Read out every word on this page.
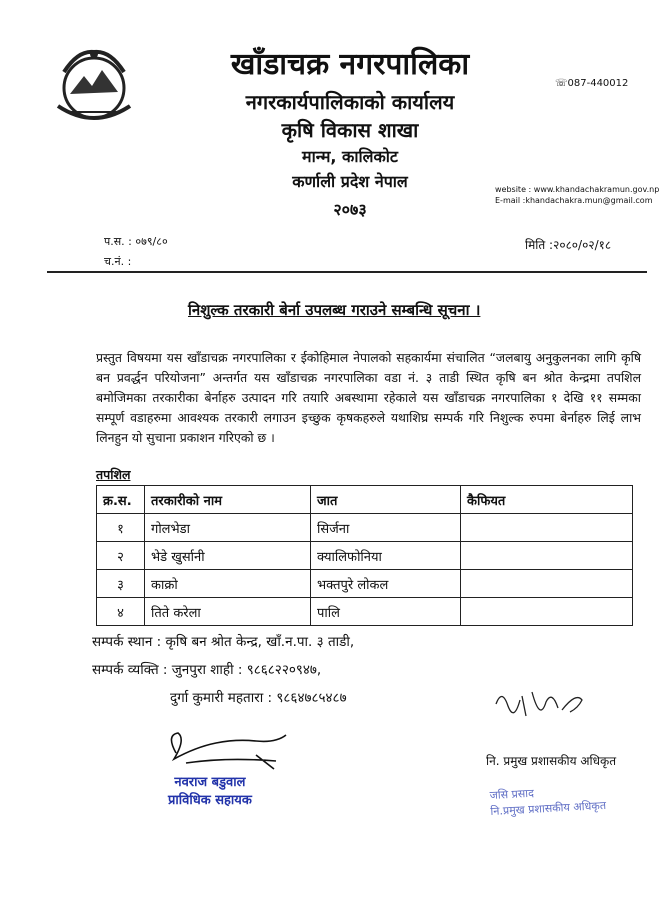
खाँडाचक्र नगरपालिका
नगरकार्यपालिकाको कार्यालय
कृषि विकास शाखा
मान्म, कालिकोट
कर्णाली प्रदेश नेपाल
२०७३
☏087-440012
website : www.khandachakramun.gov.np
E-mail :khandachakra.mun@gmail.com
प.स. : ०७९/८०
च.नं. :
मिति :२०८०/०२/१८
निशुल्क तरकारी बेर्ना उपलब्ध गराउने सम्बन्धि सूचना ।
प्रस्तुत विषयमा यस खाँडाचक्र नगरपालिका र ईकोहिमाल नेपालको सहकार्यमा संचालित “जलबायु अनुकुलनका लागि कृषि बन प्रवर्द्धन परियोजना” अन्तर्गत यस खाँडाचक्र नगरपालिका वडा नं. ३ ताडी स्थित कृषि बन श्रोत केन्द्रमा तपशिल बमोजिमका तरकारीका बेर्नाहरु उत्पादन गरि तयारि अबस्थामा रहेकाले यस खाँडाचक्र नगरपालिका १ देखि ११ सम्मका सम्पूर्ण वडाहरुमा आवश्यक तरकारी लगाउन इच्छुक कृषकहरुले यथाशिघ्र सम्पर्क गरि निशुल्क रुपमा बेर्नाहरु लिई लाभ लिनहुन यो सुचाना प्रकाशन गरिएको छ ।
तपशिल
क्र.स.	तरकारीको नाम	जात	कैफियत
१	गोलभेडा	सिर्जना	
२	भेडे खुर्सानी	क्यालिफोनिया	
३	काक्रो	भक्तपुरे लोकल	
४	तिते करेला	पालि	
सम्पर्क स्थान : कृषि बन श्रोत केन्द्र, खाँ.न.पा. ३ ताडी,
सम्पर्क व्यक्ति : जुनपुरा शाही : ९८६८२२०९४७,
दुर्गा कुमारी महतारा : ९८६४७८५४८७
नवराज बडुवाल
प्राविधिक सहायक
नि. प्रमुख प्रशासकीय अधिकृत
जसि प्रसाद
नि.प्रमुख प्रशासकीय अधिकृत
